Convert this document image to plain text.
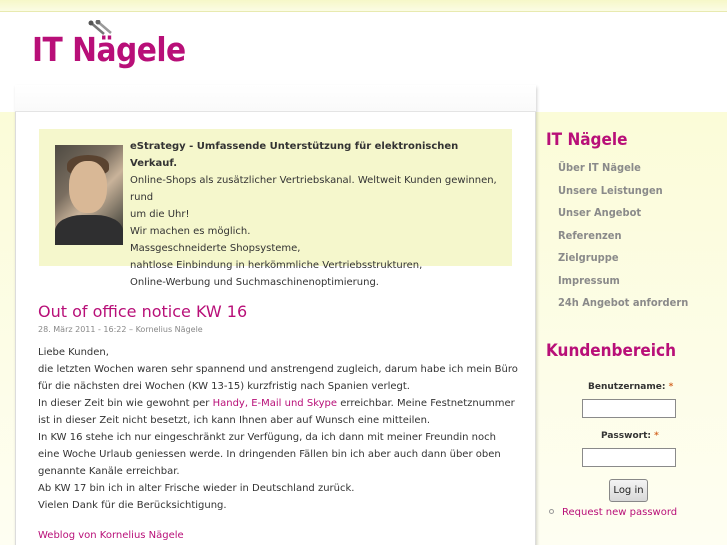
IT Nägele
eStrategy - Umfassende Unterstützung für elektronischen Verkauf.
Online-Shops als zusätzlicher Vertriebskanal. Weltweit Kunden gewinnen, rund
um die Uhr!
Wir machen es möglich.
Massgeschneiderte Shopsysteme,
nahtlose Einbindung in herkömmliche Vertriebsstrukturen,
Online-Werbung und Suchmaschinenoptimierung.
Out of office notice KW 16
28. März 2011 - 16:22 – Kornelius Nägele
Liebe Kunden,
die letzten Wochen waren sehr spannend und anstrengend zugleich, darum habe ich mein Büro für die nächsten drei Wochen (KW 13-15) kurzfristig nach Spanien verlegt.
In dieser Zeit bin wie gewohnt per Handy, E-Mail und Skype erreichbar. Meine Festnetznummer ist in dieser Zeit nicht besetzt, ich kann Ihnen aber auf Wunsch eine mitteilen.
In KW 16 stehe ich nur eingeschränkt zur Verfügung, da ich dann mit meiner Freundin noch eine Woche Urlaub geniessen werde. In dringenden Fällen bin ich aber auch dann über oben genannte Kanäle erreichbar.
Ab KW 17 bin ich in alter Frische wieder in Deutschland zurück.
Vielen Dank für die Berücksichtigung.
Weblog von Kornelius Nägele
IT Nägele
Über IT Nägele
Unsere Leistungen
Unser Angebot
Referenzen
Zielgruppe
Impressum
24h Angebot anfordern
Kundenbereich
Benutzername: *
Passwort: *
Log in
Request new password
